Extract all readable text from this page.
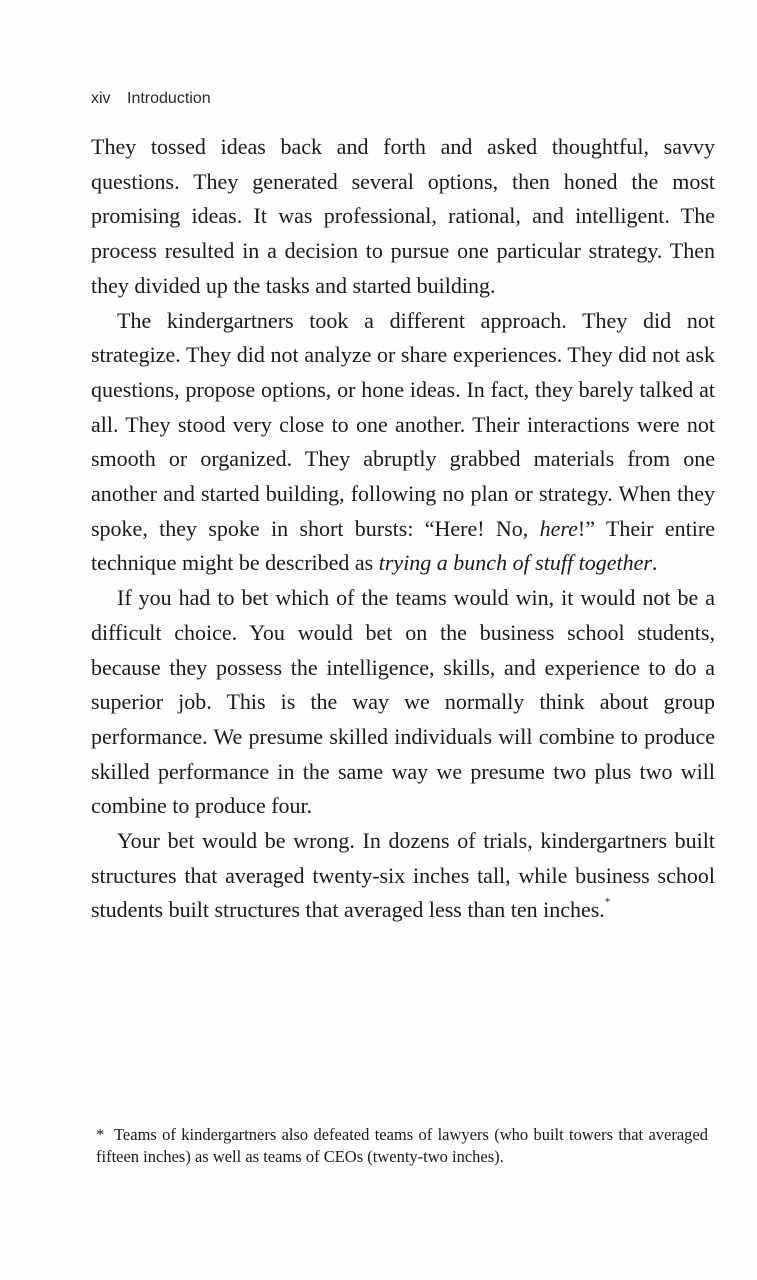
xiv Introduction

They tossed ideas back and forth and asked thoughtful, savvy questions. They generated several options, then honed the most promising ideas. It was professional, rational, and intelligent. The process resulted in a decision to pursue one particular strategy. Then they divided up the tasks and started building.

The kindergartners took a different approach. They did not strategize. They did not analyze or share experiences. They did not ask questions, propose options, or hone ideas. In fact, they barely talked at all. They stood very close to one another. Their interactions were not smooth or organized. They abruptly grabbed materials from one another and started building, following no plan or strategy. When they spoke, they spoke in short bursts: “Here! No, here!” Their entire technique might be described as trying a bunch of stuff together.

If you had to bet which of the teams would win, it would not be a difficult choice. You would bet on the business school students, because they possess the intelligence, skills, and experience to do a superior job. This is the way we normally think about group performance. We presume skilled individuals will combine to produce skilled performance in the same way we presume two plus two will combine to produce four.

Your bet would be wrong. In dozens of trials, kindergartners built structures that averaged twenty-six inches tall, while business school students built structures that averaged less than ten inches.*

* Teams of kindergartners also defeated teams of lawyers (who built towers that averaged fifteen inches) as well as teams of CEOs (twenty-two inches).
